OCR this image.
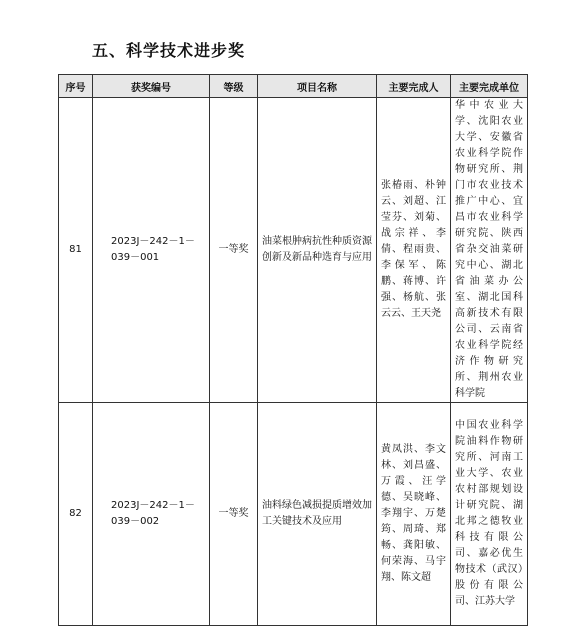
五、科学技术进步奖
序号	获奖编号	等级	项目名称	主要完成人	主要完成单位
81	2023J－242－1－039－001	一等奖	油菜根肿病抗性种质资源创新及新品种选育与应用	张椿雨、朴钟云、刘超、江莹芬、刘菊、战宗祥、李倩、程雨贵、李保军、陈鹏、蒋博、许强、杨航、张云云、王天尧	华中农业大学、沈阳农业大学、安徽省农业科学院作物研究所、荆门市农业技术推广中心、宜昌市农业科学研究院、陕西省杂交油菜研究中心、湖北省油菜办公室、湖北国科高新技术有限公司、云南省农业科学院经济作物研究所、荆州农业科学院
82	2023J－242－1－039－002	一等奖	油料绿色减损提质增效加工关键技术及应用	黄凤洪、李文林、刘昌盛、万霞、汪学德、吴晓峰、李翔宇、万楚筠、周琦、郑畅、龚阳敏、何荣海、马宇翔、陈文超	中国农业科学院油料作物研究所、河南工业大学、农业农村部规划设计研究院、湖北邦之德牧业科技有限公司、嘉必优生物技术（武汉）股份有限公司、江苏大学
